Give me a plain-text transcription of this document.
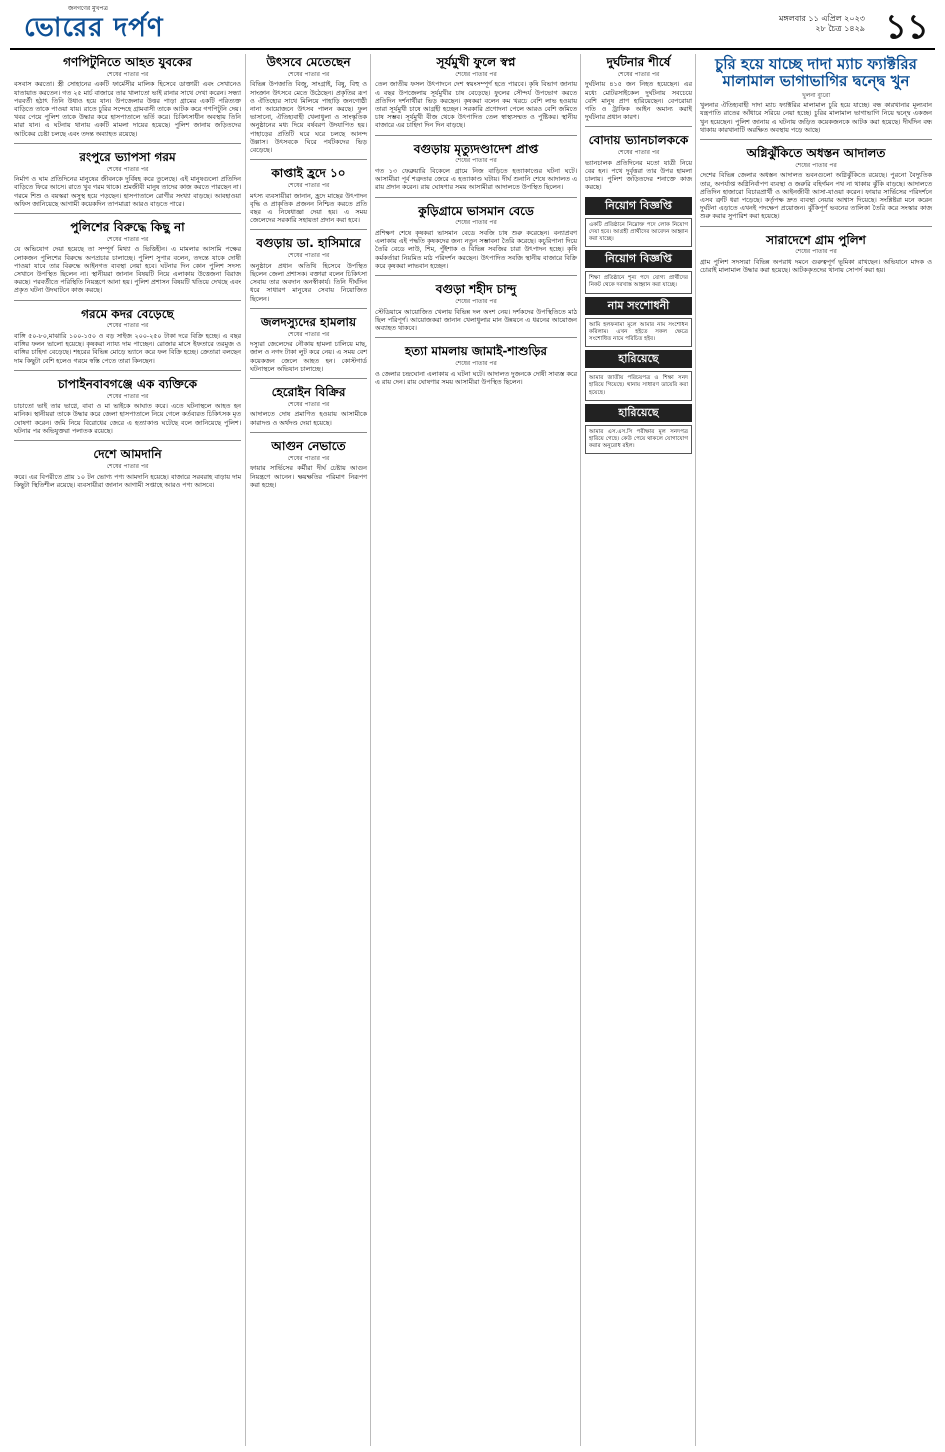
জনগণের মুখপত্র
ভোরের দর্পণ	মঙ্গলবার ১১ এপ্রিল ২০২৩
২৮ চৈত্র ১৪২৯ ১১
গণপিটুনিতে আহত যুবকের
শেষের পাতার পর
বসবাস করতো। স্ত্রী সোহানের একটি ফার্মেসীর মালিক হিসেবে ডাক্তারী এবং সেখানেও যাতায়াত করতেন। গত ২৫ মার্চ বাজারে তার খালাতো ভাই রানার সাথে দেখা করেন। সন্ধ্যা পরবর্তী হঠাৎ তিনি উধাও হয়ে যান। উপজেলার উত্তর পাড়া গ্রামের একটি পরিত্যক্ত বাড়িতে তাকে পাওয়া যায়। রাতে চুরির সন্দেহে গ্রামবাসী তাকে আটক করে গণপিটুনি দেয়। খবর পেয়ে পুলিশ তাকে উদ্ধার করে হাসপাতালে ভর্তি করে। চিকিৎসাধীন অবস্থায় তিনি মারা যান। এ ঘটনায় থানায় একটি মামলা দায়ের হয়েছে। পুলিশ জানায় জড়িতদের আটকের চেষ্টা চলছে এবং তদন্ত অব্যাহত রয়েছে।
রংপুরে ভ্যাপসা গরম
শেষের পাতার পর
নির্মাণ ও ঘাম প্রতিদিনের মানুষের জীবনকে দুর্বিষহ করে তুলেছে। এই মানুষগুলো প্রতিদিন বাড়িতে ফিরে আসে। রাতে খুব গরম থাকে। শ্রমজীবী মানুষ তাদের কাজ করতে পারছেন না। গরমে শিশু ও বয়স্করা অসুস্থ হয়ে পড়ছেন। হাসপাতালে রোগীর সংখ্যা বাড়ছে। আবহাওয়া অফিস জানিয়েছে আগামী কয়েকদিন তাপমাত্রা আরও বাড়তে পারে।
পুলিশের বিরুদ্ধে কিছু না
শেষের পাতার পর
যে অভিযোগ দেয়া হয়েছে তা সম্পূর্ণ মিথ্যা ও ভিত্তিহীন। এ মামলার আসামি পক্ষের লোকজন পুলিশের বিরুদ্ধে অপপ্রচার চালাচ্ছে। পুলিশ সুপার বলেন, তদন্তে যাকে দোষী পাওয়া যাবে তার বিরুদ্ধে আইনগত ব্যবস্থা নেয়া হবে। ঘটনার দিন কোন পুলিশ সদস্য সেখানে উপস্থিত ছিলেন না। স্থানীয়রা জানান বিষয়টি নিয়ে এলাকায় উত্তেজনা বিরাজ করছে। পরবর্তীতে পরিস্থিতি নিয়ন্ত্রণে আনা হয়। পুলিশ প্রশাসন বিষয়টি খতিয়ে দেখছে এবং প্রকৃত ঘটনা উদঘাটনে কাজ করছে।
গরমে কদর বেড়েছে
শেষের পাতার পর
বাঙ্গি ৫০-৮০,মাঝারি ১০০-১৫০ ও বড় সাইজ ২০০-২৫০ টাকা দরে বিক্রি হচ্ছে। এ বছর বাঙ্গির ফলন ভালো হয়েছে। কৃষকরা ন্যায্য দাম পাচ্ছেন। রোজার মাসে ইফতারে তরমুজ ও বাঙ্গির চাহিদা বেড়েছে। শহরের বিভিন্ন মোড়ে ভ্যানে করে ফল বিক্রি হচ্ছে। ক্রেতারা বলছেন দাম কিছুটা বেশি হলেও গরমে স্বস্তি পেতে তারা কিনছেন।
চাপাইনবাবগঞ্জে এক ব্যক্তিকে
শেষের পাতার পর
চাচাতো ভাই তার ভাগ্নে, বাবা ও মা ভাইকে আঘাত করে। এতে ঘটনাস্থলে আহত হন মানিক। স্থানীয়রা তাকে উদ্ধার করে জেলা হাসপাতালে নিয়ে গেলে কর্তব্যরত চিকিৎসক মৃত ঘোষণা করেন। জমি নিয়ে বিরোধের জেরে এ হত্যাকাণ্ড ঘটেছে বলে জানিয়েছে পুলিশ। ঘটনার পর অভিযুক্তরা পলাতক রয়েছে।
দেশে আমদানি
শেষের পাতার পর
করে। এর বিপরীতে প্রায় ১০ টন ভোগ্য পণ্য আমদানি হয়েছে। বাজারে সরবরাহ বাড়ায় দাম কিছুটা স্থিতিশীল রয়েছে। ব্যবসায়ীরা জানান আগামী সপ্তাহে আরও পণ্য আসবে।
উৎসবে মেতেছেন
শেষের পাতার পর
বিভিন্ন উপজাতি বিজু, সাংগ্রাই, বিষু, বিহু ও সাংক্রান উৎসবে মেতে উঠেছেন। প্রকৃতির রূপ ও ঐতিহ্যের সাথে মিলিয়ে পাহাড়ি জনগোষ্ঠী নানা আয়োজনে উৎসব পালন করছে। ফুল ভাসানো, ঐতিহ্যবাহী খেলাধুলা ও সাংস্কৃতিক অনুষ্ঠানের মধ্য দিয়ে বর্ষবরণ উদযাপিত হয়। পাহাড়ের প্রতিটি ঘরে ঘরে চলছে আনন্দ উল্লাস। উৎসবকে ঘিরে পর্যটকদের ভিড় বেড়েছে।
কাপ্তাই হ্রদে ১০
শেষের পাতার পর
মৎস্য ব্যবসায়ীরা জানান, হ্রদে মাছের উৎপাদন বৃদ্ধি ও প্রাকৃতিক প্রজনন নিশ্চিত করতে প্রতি বছর এ নিষেধাজ্ঞা দেয়া হয়। এ সময় জেলেদের সরকারি সহায়তা প্রদান করা হবে।
বগুড়ায় ডা. হাসিমারে
শেষের পাতার পর
অনুষ্ঠানে প্রধান অতিথি হিসেবে উপস্থিত ছিলেন জেলা প্রশাসক। বক্তারা বলেন চিকিৎসা সেবায় তার অবদান অনস্বীকার্য। তিনি দীর্ঘদিন ধরে সাধারণ মানুষের সেবায় নিয়োজিত ছিলেন।
জলদস্যুদের হামলায়
শেষের পাতার পর
দস্যুরা জেলেদের নৌকায় হামলা চালিয়ে মাছ, জাল ও নগদ টাকা লুট করে নেয়। এ সময় বেশ কয়েকজন জেলে আহত হন। কোস্টগার্ড ঘটনাস্থলে অভিযান চালাচ্ছে।
হেরোইন বিক্রির
শেষের পাতার পর
আদালতে দোষ প্রমাণিত হওয়ায় আসামীকে কারাদণ্ড ও অর্থদণ্ড দেয়া হয়েছে।
আগুন নেভাতে
শেষের পাতার পর
ফায়ার সার্ভিসের কর্মীরা দীর্ঘ চেষ্টায় আগুন নিয়ন্ত্রণে আনেন। ক্ষয়ক্ষতির পরিমাণ নিরূপণ করা হচ্ছে।
সূর্যমুখী ফুলে স্বপ্ন
শেষের পাতার পর
তেল জাতীয় ফসল উৎপাদনে দেশ স্বয়ংসম্পূর্ণ হতে পারবে। কৃষি বিভাগ জানায় এ বছর উপজেলায় সূর্যমুখীর চাষ বেড়েছে। ফুলের সৌন্দর্য উপভোগ করতে প্রতিদিন দর্শনার্থীরা ভিড় করছেন। কৃষকরা বলেন কম খরচে বেশি লাভ হওয়ায় তারা সূর্যমুখী চাষে আগ্রহী হচ্ছেন। সরকারি প্রণোদনা পেলে আরও বেশি জমিতে চাষ সম্ভব। সূর্যমুখী বীজ থেকে উৎপাদিত তেল স্বাস্থ্যসম্মত ও পুষ্টিকর। স্থানীয় বাজারে এর চাহিদা দিন দিন বাড়ছে।
বগুড়ায় মৃত্যুদণ্ডাদেশ প্রাপ্ত
শেষের পাতার পর
গত ১৩ ফেব্রুয়ারি বিকেলে গ্রামে নিজ বাড়িতে হত্যাকাণ্ডের ঘটনা ঘটে। আসামীরা পূর্ব শত্রুতার জেরে এ হত্যাকাণ্ড ঘটায়। দীর্ঘ শুনানি শেষে আদালত এ রায় প্রদান করেন। রায় ঘোষণার সময় আসামীরা আদালতে উপস্থিত ছিলেন।
কুড়িগ্রামে ভাসমান বেডে
শেষের পাতার পর
প্রশিক্ষণ শেষে কৃষকরা ভাসমান বেডে সবজি চাষ শুরু করেছেন। বন্যাপ্রবণ এলাকায় এই পদ্ধতি কৃষকদের জন্য নতুন সম্ভাবনা তৈরি করেছে। কচুরিপানা দিয়ে তৈরি বেডে লাউ, শিম, পুঁইশাক ও বিভিন্ন সবজির চারা উৎপাদন হচ্ছে। কৃষি কর্মকর্তারা নিয়মিত মাঠ পরিদর্শন করছেন। উৎপাদিত সবজি স্থানীয় বাজারে বিক্রি করে কৃষকরা লাভবান হচ্ছেন।
বগুড়া শহীদ চান্দু
শেষের পাতার পর
স্টেডিয়ামে আয়োজিত খেলায় বিভিন্ন দল অংশ নেয়। দর্শকদের উপস্থিতিতে মাঠ ছিল পরিপূর্ণ। আয়োজকরা জানান খেলাধুলার মান উন্নয়নে এ ধরনের আয়োজন অব্যাহত থাকবে।
হত্যা মামলায় জামাই-শাশুড়ির
শেষের পাতার পর
ও জেলার চন্দ্রঘোনা এলাকায় এ ঘটনা ঘটে। আদালত দুজনকে দোষী সাব্যস্ত করে এ রায় দেন। রায় ঘোষণার সময় আসামীরা উপস্থিত ছিলেন।
দুর্ঘটনার শীর্ষে
শেষের পাতার পর
দুর্ঘটনায় ৪১৫ জন নিহত হয়েছেন। এর মধ্যে মোটরসাইকেল দুর্ঘটনায় সবচেয়ে বেশি মানুষ প্রাণ হারিয়েছেন। বেপরোয়া গতি ও ট্রাফিক আইন অমান্য করাই দুর্ঘটনার প্রধান কারণ।
বোদায় ভ্যানচালককে
শেষের পাতার পর
ভ্যানচালক প্রতিদিনের মতো যাত্রী নিয়ে বের হন। পথে দুর্বৃত্তরা তার উপর হামলা চালায়। পুলিশ জড়িতদের শনাক্তে কাজ করছে।
নিয়োগ বিজ্ঞপ্তি
একটি প্রতিষ্ঠানে নিম্নোক্ত পদে লোক নিয়োগ দেয়া হবে। আগ্রহী প্রার্থীদের আবেদন আহ্বান করা যাচ্ছে।
নিয়োগ বিজ্ঞপ্তি
শিক্ষা প্রতিষ্ঠানে শূন্য পদে যোগ্য প্রার্থীদের নিকট থেকে দরখাস্ত আহ্বান করা যাচ্ছে।
নাম সংশোধনী
আমি হলফনামা মূলে আমার নাম সংশোধন করিলাম। এখন হইতে সকল ক্ষেত্রে সংশোধিত নামে পরিচিত হইব।
হারিয়েছে
আমার জাতীয় পরিচয়পত্র ও শিক্ষা সনদ হারিয়ে গিয়েছে। থানায় সাধারণ ডায়েরি করা হয়েছে।
হারিয়েছে
আমার এস.এস.সি পরীক্ষার মূল সনদপত্র হারিয়ে গেছে। কেউ পেয়ে থাকলে যোগাযোগ করার অনুরোধ রইল।
চুরি হয়ে যাচ্ছে দাদা ম্যাচ ফ্যাক্টরির মালামাল ভাগাভাগির দ্বন্দ্বে খুন
খুলনা ব্যুরো
খুলনার ঐতিহ্যবাহী দাদা ম্যাচ ফ্যাক্টরির মালামাল চুরি হয়ে যাচ্ছে। বন্ধ কারখানার মূল্যবান যন্ত্রপাতি রাতের আঁধারে সরিয়ে নেয়া হচ্ছে। চুরির মালামাল ভাগাভাগি নিয়ে দ্বন্দ্বে একজন খুন হয়েছেন। পুলিশ জানায় এ ঘটনায় জড়িত কয়েকজনকে আটক করা হয়েছে। দীর্ঘদিন বন্ধ থাকায় কারখানাটি অরক্ষিত অবস্থায় পড়ে আছে।
অগ্নিঝুঁকিতে অধস্তন আদালত
শেষের পাতার পর
দেশের বিভিন্ন জেলার অধস্তন আদালত ভবনগুলো অগ্নিঝুঁকিতে রয়েছে। পুরনো বৈদ্যুতিক তার, অপর্যাপ্ত অগ্নিনির্বাপণ ব্যবস্থা ও জরুরি বহির্গমন পথ না থাকায় ঝুঁকি বাড়ছে। আদালতে প্রতিদিন হাজারো বিচারপ্রার্থী ও আইনজীবী আসা-যাওয়া করেন। ফায়ার সার্ভিসের পরিদর্শনে এসব ত্রুটি ধরা পড়েছে। কর্তৃপক্ষ দ্রুত ব্যবস্থা নেয়ার আশ্বাস দিয়েছে। সংশ্লিষ্টরা মনে করেন দুর্ঘটনা এড়াতে এখনই পদক্ষেপ প্রয়োজন। ঝুঁকিপূর্ণ ভবনের তালিকা তৈরি করে সংস্কার কাজ শুরু করার সুপারিশ করা হয়েছে।
সারাদেশে গ্রাম পুলিশ
শেষের পাতার পর
গ্রাম পুলিশ সদস্যরা বিভিন্ন অপরাধ দমনে গুরুত্বপূর্ণ ভূমিকা রাখছেন। অভিযানে মাদক ও চোরাই মালামাল উদ্ধার করা হয়েছে। আটককৃতদের থানায় সোপর্দ করা হয়।
